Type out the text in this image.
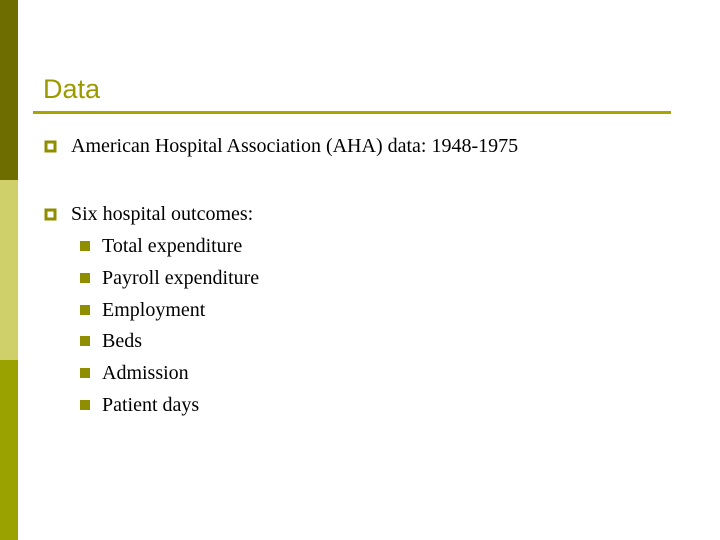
Data
American Hospital Association (AHA) data: 1948-1975
Six hospital outcomes:
Total expenditure
Payroll expenditure
Employment
Beds
Admission
Patient days
